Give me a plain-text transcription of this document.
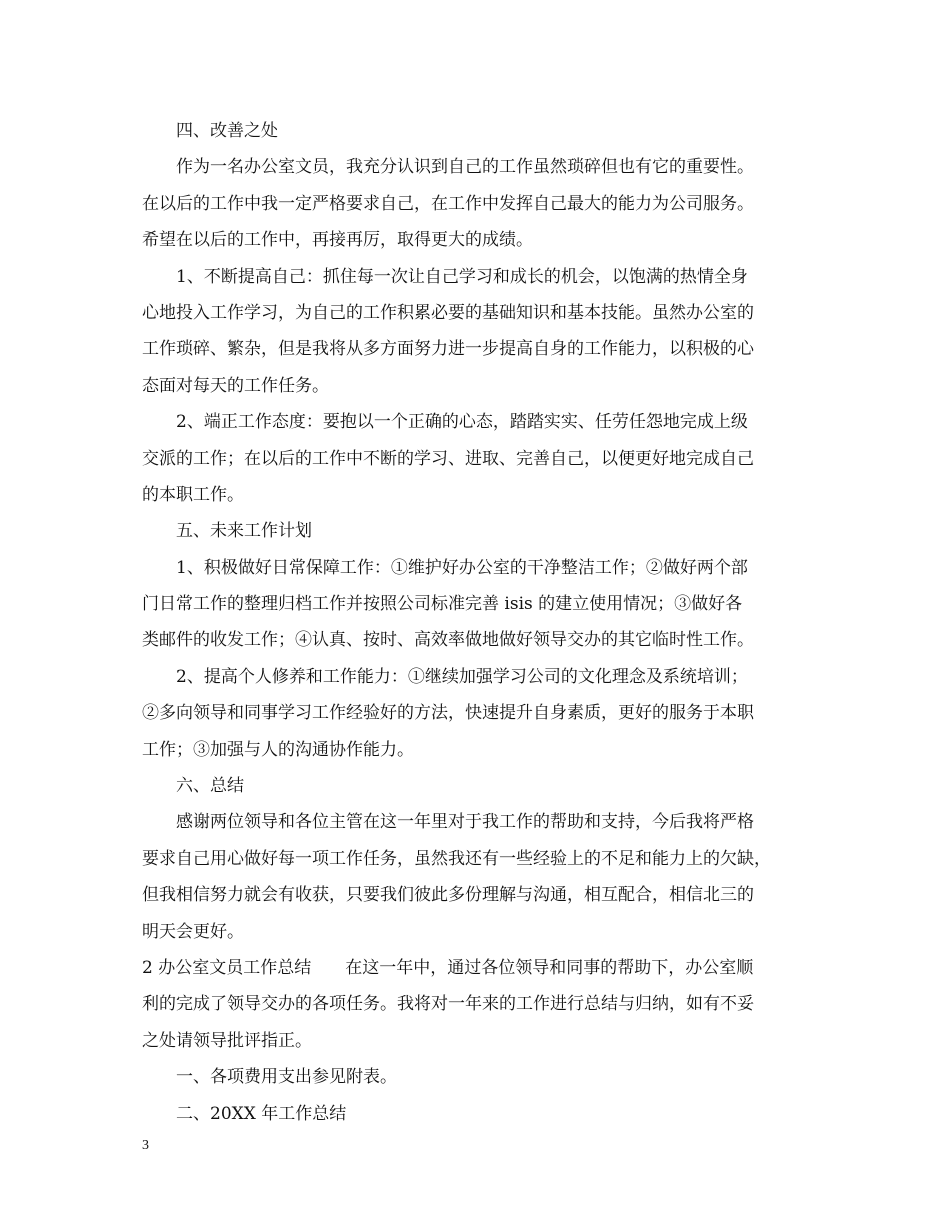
四、改善之处
作为一名办公室文员，我充分认识到自己的工作虽然琐碎但也有它的重要性。
在以后的工作中我一定严格要求自己，在工作中发挥自己最大的能力为公司服务。
希望在以后的工作中，再接再厉，取得更大的成绩。
1、不断提高自己：抓住每一次让自己学习和成长的机会，以饱满的热情全身
心地投入工作学习，为自己的工作积累必要的基础知识和基本技能。虽然办公室的
工作琐碎、繁杂，但是我将从多方面努力进一步提高自身的工作能力，以积极的心
态面对每天的工作任务。
2、端正工作态度：要抱以一个正确的心态，踏踏实实、任劳任怨地完成上级
交派的工作；在以后的工作中不断的学习、进取、完善自己，以便更好地完成自己
的本职工作。
五、未来工作计划
1、积极做好日常保障工作：①维护好办公室的干净整洁工作；②做好两个部
门日常工作的整理归档工作并按照公司标准完善 isis 的建立使用情况；③做好各
类邮件的收发工作；④认真、按时、高效率做地做好领导交办的其它临时性工作。
2、提高个人修养和工作能力：①继续加强学习公司的文化理念及系统培训；
②多向领导和同事学习工作经验好的方法，快速提升自身素质，更好的服务于本职
工作；③加强与人的沟通协作能力。
六、总结
感谢两位领导和各位主管在这一年里对于我工作的帮助和支持，今后我将严格
要求自己用心做好每一项工作任务，虽然我还有一些经验上的不足和能力上的欠缺，
但我相信努力就会有收获，只要我们彼此多份理解与沟通，相互配合，相信北三的
明天会更好。
2 办公室文员工作总结 在这一年中，通过各位领导和同事的帮助下，办公室顺
利的完成了领导交办的各项任务。我将对一年来的工作进行总结与归纳，如有不妥
之处请领导批评指正。
一、各项费用支出参见附表。
二、20XX 年工作总结
3
